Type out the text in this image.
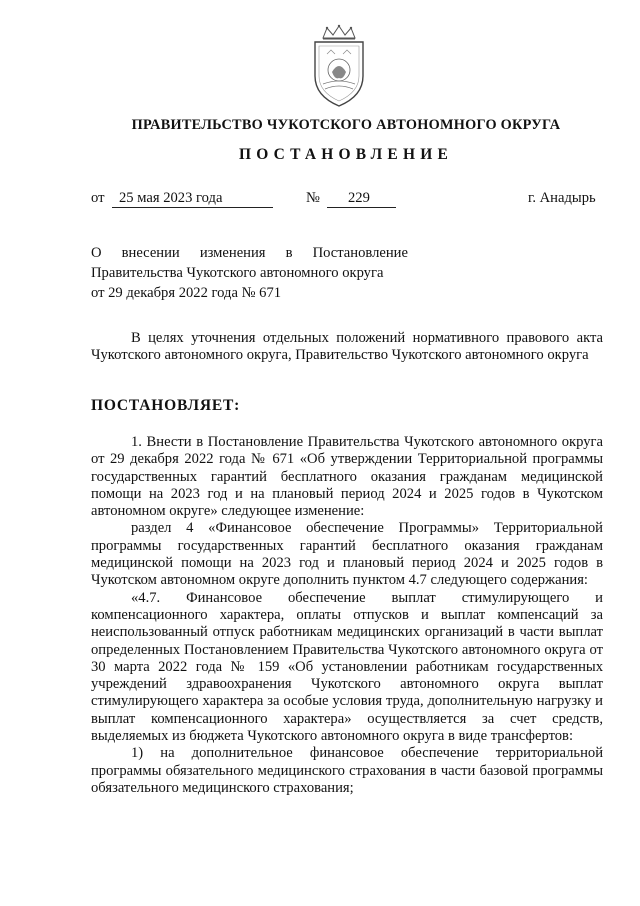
ПРАВИТЕЛЬСТВО ЧУКОТСКОГО АВТОНОМНОГО ОКРУГА
ПОСТАНОВЛЕНИЕ
от 25 мая 2023 года	№ 229	г. Анадырь
О внесении изменения в Постановление
Правительства Чукотского автономного округа
от 29 декабря 2022 года № 671
В целях уточнения отдельных положений нормативного правового акта Чукотского автономного округа, Правительство Чукотского автономного округа
ПОСТАНОВЛЯЕТ:

1. Внести в Постановление Правительства Чукотского автономного округа от 29 декабря 2022 года № 671 «Об утверждении Территориальной программы государственных гарантий бесплатного оказания гражданам медицинской помощи на 2023 год и на плановый период 2024 и 2025 годов в Чукотском автономном округе» следующее изменение:

раздел 4 «Финансовое обеспечение Программы» Территориальной программы государственных гарантий бесплатного оказания гражданам медицинской помощи на 2023 год и плановый период 2024 и 2025 годов в Чукотском автономном округе дополнить пунктом 4.7 следующего содержания:

«4.7. Финансовое обеспечение выплат стимулирующего и компенсационного характера, оплаты отпусков и выплат компенсаций за неиспользованный отпуск работникам медицинских организаций в части выплат определенных Постановлением Правительства Чукотского автономного округа от 30 марта 2022 года № 159 «Об установлении работникам государственных учреждений здравоохранения Чукотского автономного округа выплат стимулирующего характера за особые условия труда, дополнительную нагрузку и выплат компенсационного характера» осуществляется за счет средств, выделяемых из бюджета Чукотского автономного округа в виде трансфертов:

1) на дополнительное финансовое обеспечение территориальной программы обязательного медицинского страхования в части базовой программы обязательного медицинского страхования;
